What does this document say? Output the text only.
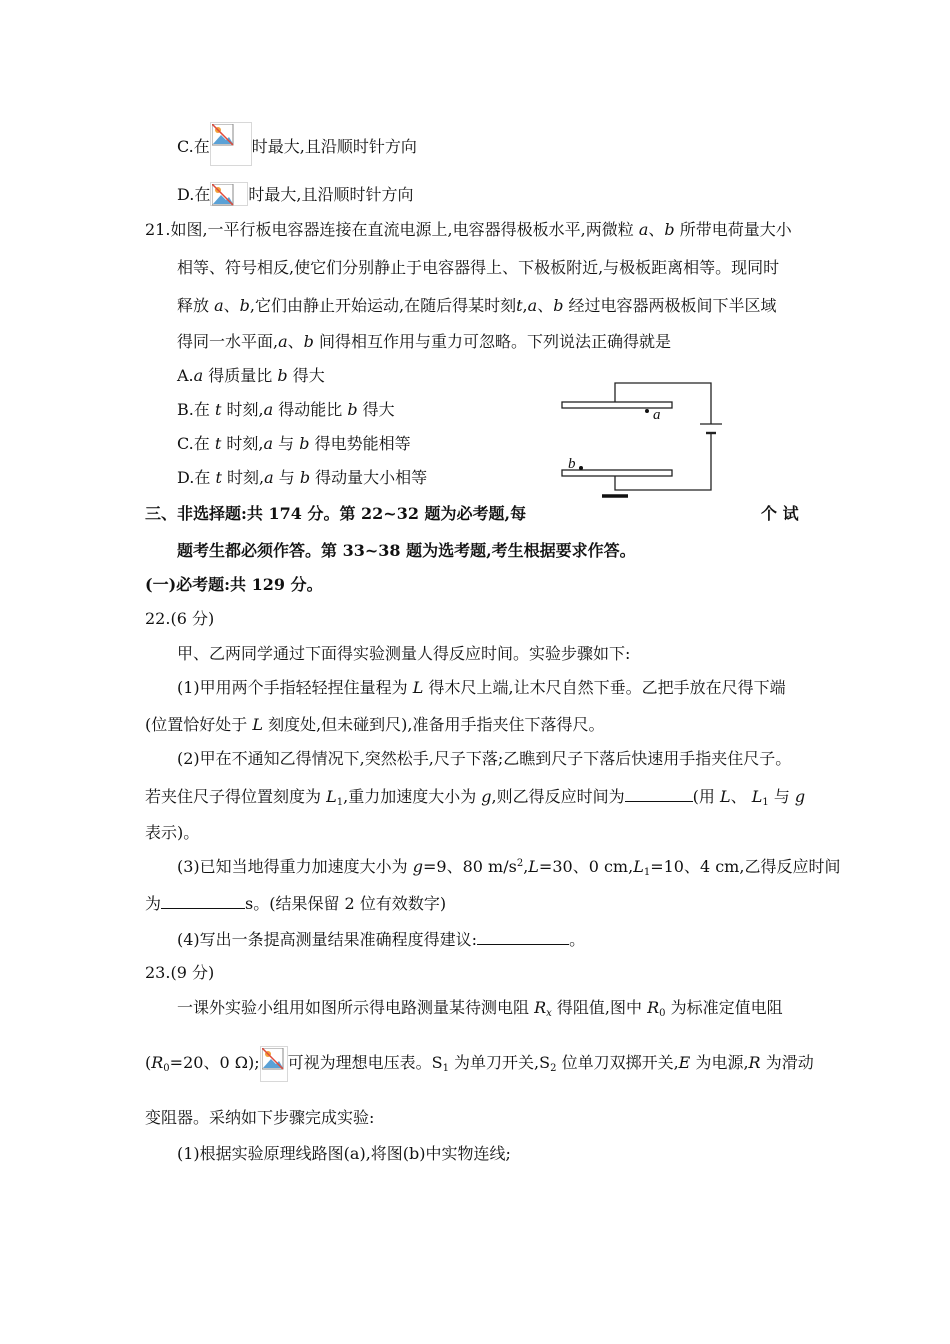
C.在	时最大,且沿顺时针方向
D.在 时最大,且沿顺时针方向
21.如图,一平行板电容器连接在直流电源上,电容器得极板水平,两微粒 a、b 所带电荷量大小
相等、符号相反,使它们分别静止于电容器得上、下极板附近,与极板距离相等。现同时
释放 a、b,它们由静止开始运动,在随后得某时刻t,a、b 经过电容器两极板间下半区域
得同一水平面,a、b 间得相互作用与重力可忽略。下列说法正确得就是
A.a 得质量比 b 得大
B.在 t 时刻,a 得动能比 b 得大
C.在 t 时刻,a 与 b 得电势能相等
D.在 t 时刻,a 与 b 得动量大小相等
a
b
三、非选择题:共 174 分。第 22~32 题为必考题,每	个 试
题考生都必须作答。第 33~38 题为选考题,考生根据要求作答。
(一)必考题:共 129 分。
22.(6 分)
甲、乙两同学通过下面得实验测量人得反应时间。实验步骤如下:
(1)甲用两个手指轻轻捏住量程为 L 得木尺上端,让木尺自然下垂。乙把手放在尺得下端
(位置恰好处于 L 刻度处,但未碰到尺),准备用手指夹住下落得尺。
(2)甲在不通知乙得情况下,突然松手,尺子下落;乙瞧到尺子下落后快速用手指夹住尺子。
若夹住尺子得位置刻度为 $L_1$,重力加速度大小为 g,则乙得反应时间为	(用 L、 $L_1$ 与 g
表示)。
(3)已知当地得重力加速度大小为 g=9、80 $m/s^2,L=30$、0 $cm,L_1=10$、4 cm,乙得反应时间
为	s。(结果保留 2 位有效数字)
(4)写出一条提高测量结果准确程度得建议:	。
23.(9 分)
一课外实验小组用如图所示得电路测量某待测电阻 $R_x$ 得阻值,图中 $R_0$ 为标准定值电阻
($R_0=20$、0 Ω); 可视为理想电压表。$S_1$ 为单刀开关$,S_2$ 位单刀双掷开关,E 为电源,R 为滑动
变阻器。采纳如下步骤完成实验:
(1)根据实验原理线路图(a),将图(b)中实物连线;
